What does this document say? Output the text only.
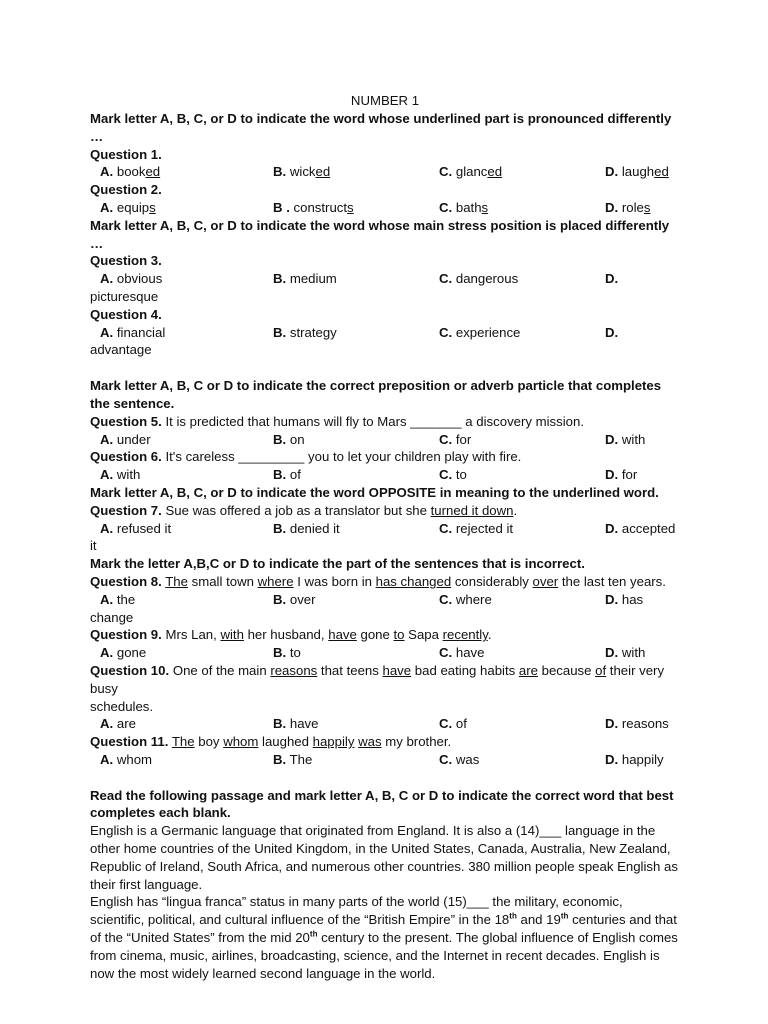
NUMBER 1
Mark letter A, B, C, or D to indicate the word whose underlined part is pronounced differently …
Question 1.
A. booked	B. wicked	C. glanced	D. laughed
Question 2.
A. equips	B . constructs	C. baths	D. roles
Mark letter A, B, C, or D to indicate the word whose main stress position is placed differently …
Question 3.
A. obvious	B. medium	C. dangerous	D.
picturesque
Question 4.
A. financial	B. strategy	C. experience	D.
advantage
Mark letter A, B, C or D to indicate the correct preposition or adverb particle that completes the sentence.
Question 5. It is predicted that humans will fly to Mars _______ a discovery mission.
A. under	B. on	C. for	D. with
Question 6. It's careless _________ you to let your children play with fire.
A. with	B. of	C. to	D. for
Mark letter A, B, C, or D to indicate the word OPPOSITE in meaning to the underlined word.
Question 7. Sue was offered a job as a translator but she turned it down.
A. refused it	B. denied it	C. rejected it	D. accepted
it
Mark the letter A,B,C or D to indicate the part of the sentences that is incorrect.
Question 8. The small town where I was born in has changed considerably over the last ten years.
A. the	B. over	C. where	D. has
change
Question 9. Mrs Lan, with her husband, have gone to Sapa recently.
A. gone	B. to	C. have	D. with
Question 10. One of the main reasons that teens have bad eating habits are because of their very busy
schedules.
A. are	B. have	C. of	D. reasons
Question 11. The boy whom laughed happily was my brother.
A. whom	B. The	C. was	D. happily
Read the following passage and mark letter A, B, C or D to indicate the correct word that best completes each blank.

English is a Germanic language that originated from England. It is also a (14)___ language in the other home countries of the United Kingdom, in the United States, Canada, Australia, New Zealand, Republic of Ireland, South Africa, and numerous other countries. 380 million people speak English as their first language.

English has “lingua franca” status in many parts of the world (15)___ the military, economic, scientific, political, and cultural influence of the “British Empire” in the 18th and 19th centuries and that of the “United States” from the mid 20th century to the present. The global influence of English comes from cinema, music, airlines, broadcasting, science, and the Internet in recent decades. English is now the most widely learned second language in the world.
